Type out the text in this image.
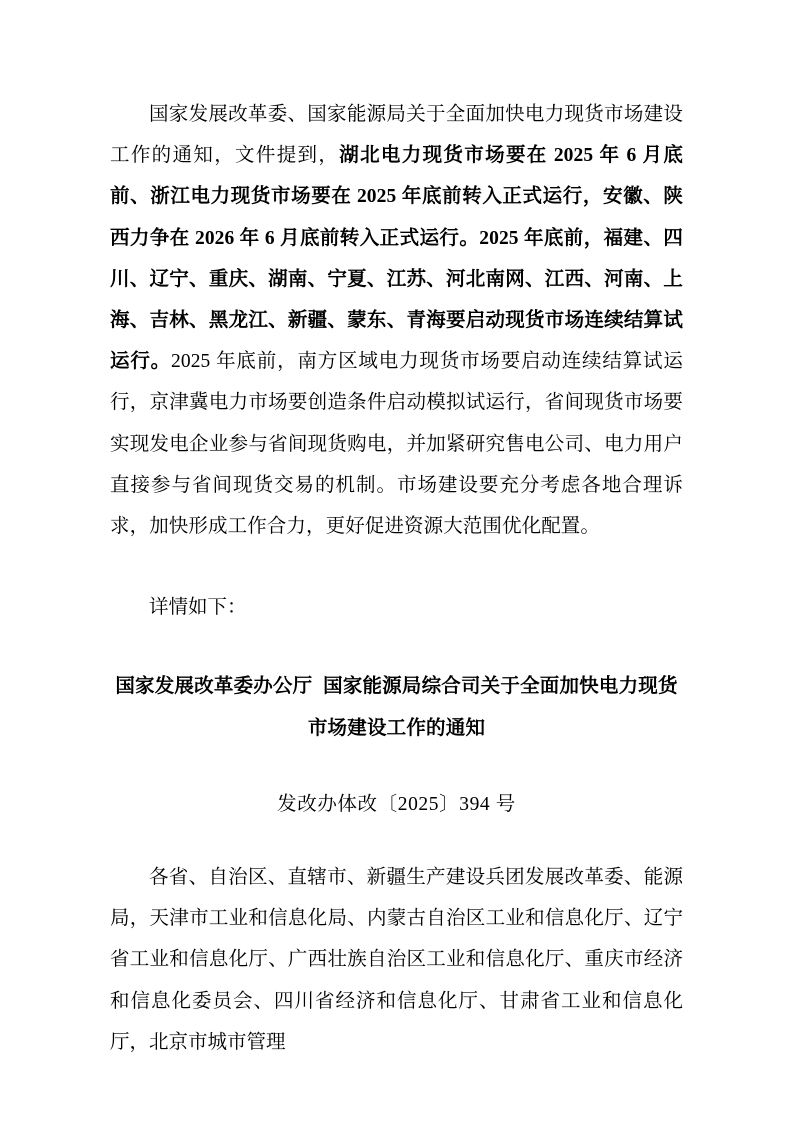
国家发展改革委、国家能源局关于全面加快电力现货市场建设工作的通知，文件提到，湖北电力现货市场要在 2025 年 6 月底前、浙江电力现货市场要在 2025 年底前转入正式运行，安徽、陕西力争在 2026 年 6 月底前转入正式运行。2025 年底前，福建、四川、辽宁、重庆、湖南、宁夏、江苏、河北南网、江西、河南、上海、吉林、黑龙江、新疆、蒙东、青海要启动现货市场连续结算试运行。2025 年底前，南方区域电力现货市场要启动连续结算试运行，京津冀电力市场要创造条件启动模拟试运行，省间现货市场要实现发电企业参与省间现货购电，并加紧研究售电公司、电力用户直接参与省间现货交易的机制。市场建设要充分考虑各地合理诉求，加快形成工作合力，更好促进资源大范围优化配置。

详情如下：

国家发展改革委办公厅 国家能源局综合司关于全面加快电力现货
市场建设工作的通知
发改办体改〔2025〕394 号

各省、自治区、直辖市、新疆生产建设兵团发展改革委、能源局，天津市工业和信息化局、内蒙古自治区工业和信息化厅、辽宁省工业和信息化厅、广西壮族自治区工业和信息化厅、重庆市经济和信息化委员会、四川省经济和信息化厅、甘肃省工业和信息化厅，北京市城市管理
